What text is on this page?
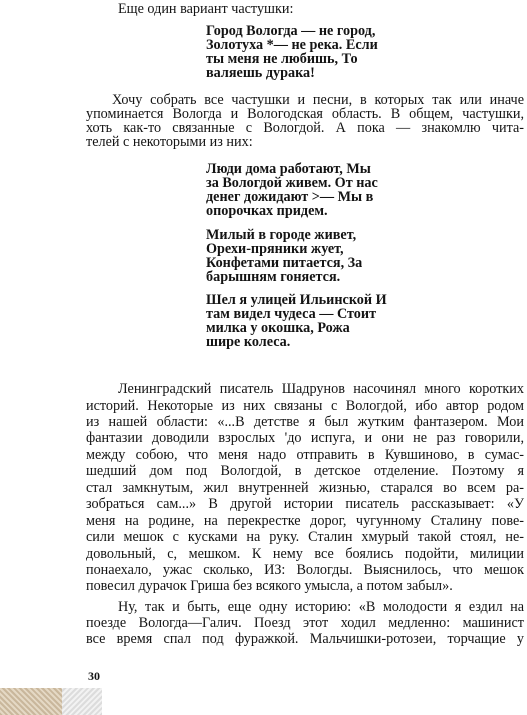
Еще один вариант частушки:
Город Вологда — не город,
Золотуха *— не река. Если
ты меня не любишь, То
валяешь дурака!
Хочу собрать все частушки и песни, в которых так или иначе
упоминается Вологда и Вологодская область. В общем, частушки,
хоть как-то связанные с Вологдой. А пока — знакомлю чита-
телей с некоторыми из них:
Люди дома работают, Мы
за Вологдой живем. От нас
денег дожидают >— Мы в
опорочках придем.
Милый в городе живет,
Орехи-пряники жует,
Конфетами питается, За
барышням гоняется.
Шел я улицей Ильинской И
там видел чудеса — Стоит
милка у окошка, Рожа
шире колеса.
Ленинградский писатель Шадрунов насочинял много коротких
историй. Некоторые из них связаны с Вологдой, ибо автор родом
из нашей области: «...В детстве я был жутким фантазером. Мои
фантазии доводили взрослых 'до испуга, и они не раз говорили,
между собою, что меня надо отправить в Кувшиново, в сумас-
шедший дом под Вологдой, в детское отделение. Поэтому я
стал замкнутым, жил внутренней жизнью, старался во всем ра-
зобраться сам...» В другой истории писатель рассказывает: «У
меня на родине, на перекрестке дорог, чугунному Сталину пове-
сили мешок с кусками на руку. Сталин хмурый такой стоял, не-
довольный, с, мешком. К нему все боялись подойти, милиции
понаехало, ужас сколько, ИЗ: Вологды. Выяснилось, что мешок
повесил дурачок Гриша без всякого умысла, а потом забыл».
Ну, так и быть, еще одну историю: «В молодости я ездил на
поезде Вологда—Галич. Поезд этот ходил медленно: машинист
все время спал под фуражкой. Мальчишки-ротозеи, торчащие у
30
